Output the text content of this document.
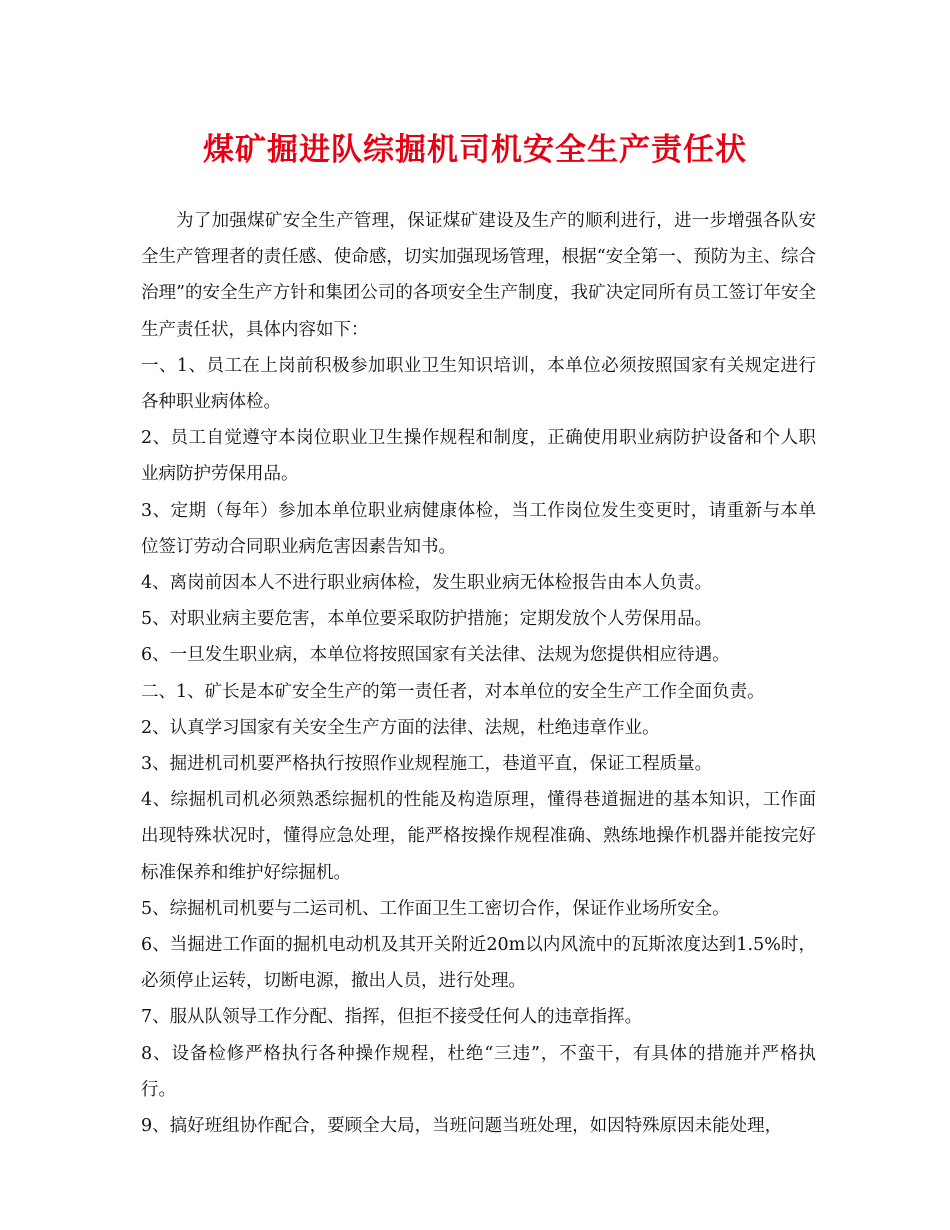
煤矿掘进队综掘机司机安全生产责任状

为了加强煤矿安全生产管理，保证煤矿建设及生产的顺利进行，进一步增强各队安全生产管理者的责任感、使命感，切实加强现场管理，根据“安全第一、预防为主、综合治理”的安全生产方针和集团公司的各项安全生产制度，我矿决定同所有员工签订年安全生产责任状，具体内容如下：

一、1、员工在上岗前积极参加职业卫生知识培训，本单位必须按照国家有关规定进行各种职业病体检。

2、员工自觉遵守本岗位职业卫生操作规程和制度，正确使用职业病防护设备和个人职业病防护劳保用品。

3、定期（每年）参加本单位职业病健康体检，当工作岗位发生变更时，请重新与本单位签订劳动合同职业病危害因素告知书。

4、离岗前因本人不进行职业病体检，发生职业病无体检报告由本人负责。

5、对职业病主要危害，本单位要采取防护措施；定期发放个人劳保用品。

6、一旦发生职业病，本单位将按照国家有关法律、法规为您提供相应待遇。

二、1、矿长是本矿安全生产的第一责任者，对本单位的安全生产工作全面负责。

2、认真学习国家有关安全生产方面的法律、法规，杜绝违章作业。

3、掘进机司机要严格执行按照作业规程施工，巷道平直，保证工程质量。

4、综掘机司机必须熟悉综掘机的性能及构造原理，懂得巷道掘进的基本知识，工作面出现特殊状况时，懂得应急处理，能严格按操作规程准确、熟练地操作机器并能按完好标准保养和维护好综掘机。

5、综掘机司机要与二运司机、工作面卫生工密切合作，保证作业场所安全。

6、当掘进工作面的掘机电动机及其开关附近20m以内风流中的瓦斯浓度达到1.5%时，必须停止运转，切断电源，撤出人员，进行处理。

7、服从队领导工作分配、指挥，但拒不接受任何人的违章指挥。

8、设备检修严格执行各种操作规程，杜绝“三违”，不蛮干，有具体的措施并严格执行。

9、搞好班组协作配合，要顾全大局，当班问题当班处理，如因特殊原因未能处理，
